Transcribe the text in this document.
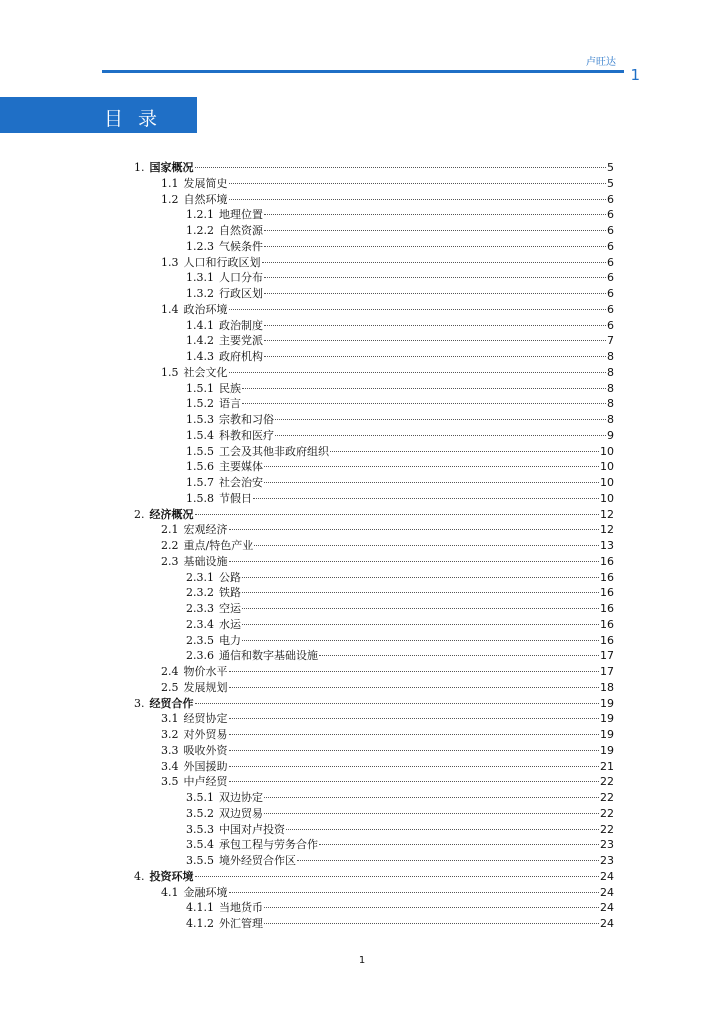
卢旺达
1
目录
1. 国家概况	5
1.1 发展简史	5
1.2 自然环境	6
1.2.1 地理位置	6
1.2.2 自然资源	6
1.2.3 气候条件	6
1.3 人口和行政区划	6
1.3.1 人口分布	6
1.3.2 行政区划	6
1.4 政治环境	6
1.4.1 政治制度	6
1.4.2 主要党派	7
1.4.3 政府机构	8
1.5 社会文化	8
1.5.1 民族	8
1.5.2 语言	8
1.5.3 宗教和习俗	8
1.5.4 科教和医疗	9
1.5.5 工会及其他非政府组织	10
1.5.6 主要媒体	10
1.5.7 社会治安	10
1.5.8 节假日	10
2. 经济概况	12
2.1 宏观经济	12
2.2 重点/特色产业	13
2.3 基础设施	16
2.3.1 公路	16
2.3.2 铁路	16
2.3.3 空运	16
2.3.4 水运	16
2.3.5 电力	16
2.3.6 通信和数字基础设施	17
2.4 物价水平	17
2.5 发展规划	18
3. 经贸合作	19
3.1 经贸协定	19
3.2 对外贸易	19
3.3 吸收外资	19
3.4 外国援助	21
3.5 中卢经贸	22
3.5.1 双边协定	22
3.5.2 双边贸易	22
3.5.3 中国对卢投资	22
3.5.4 承包工程与劳务合作	23
3.5.5 境外经贸合作区	23
4. 投资环境	24
4.1 金融环境	24
4.1.1 当地货币	24
4.1.2 外汇管理	24
1
